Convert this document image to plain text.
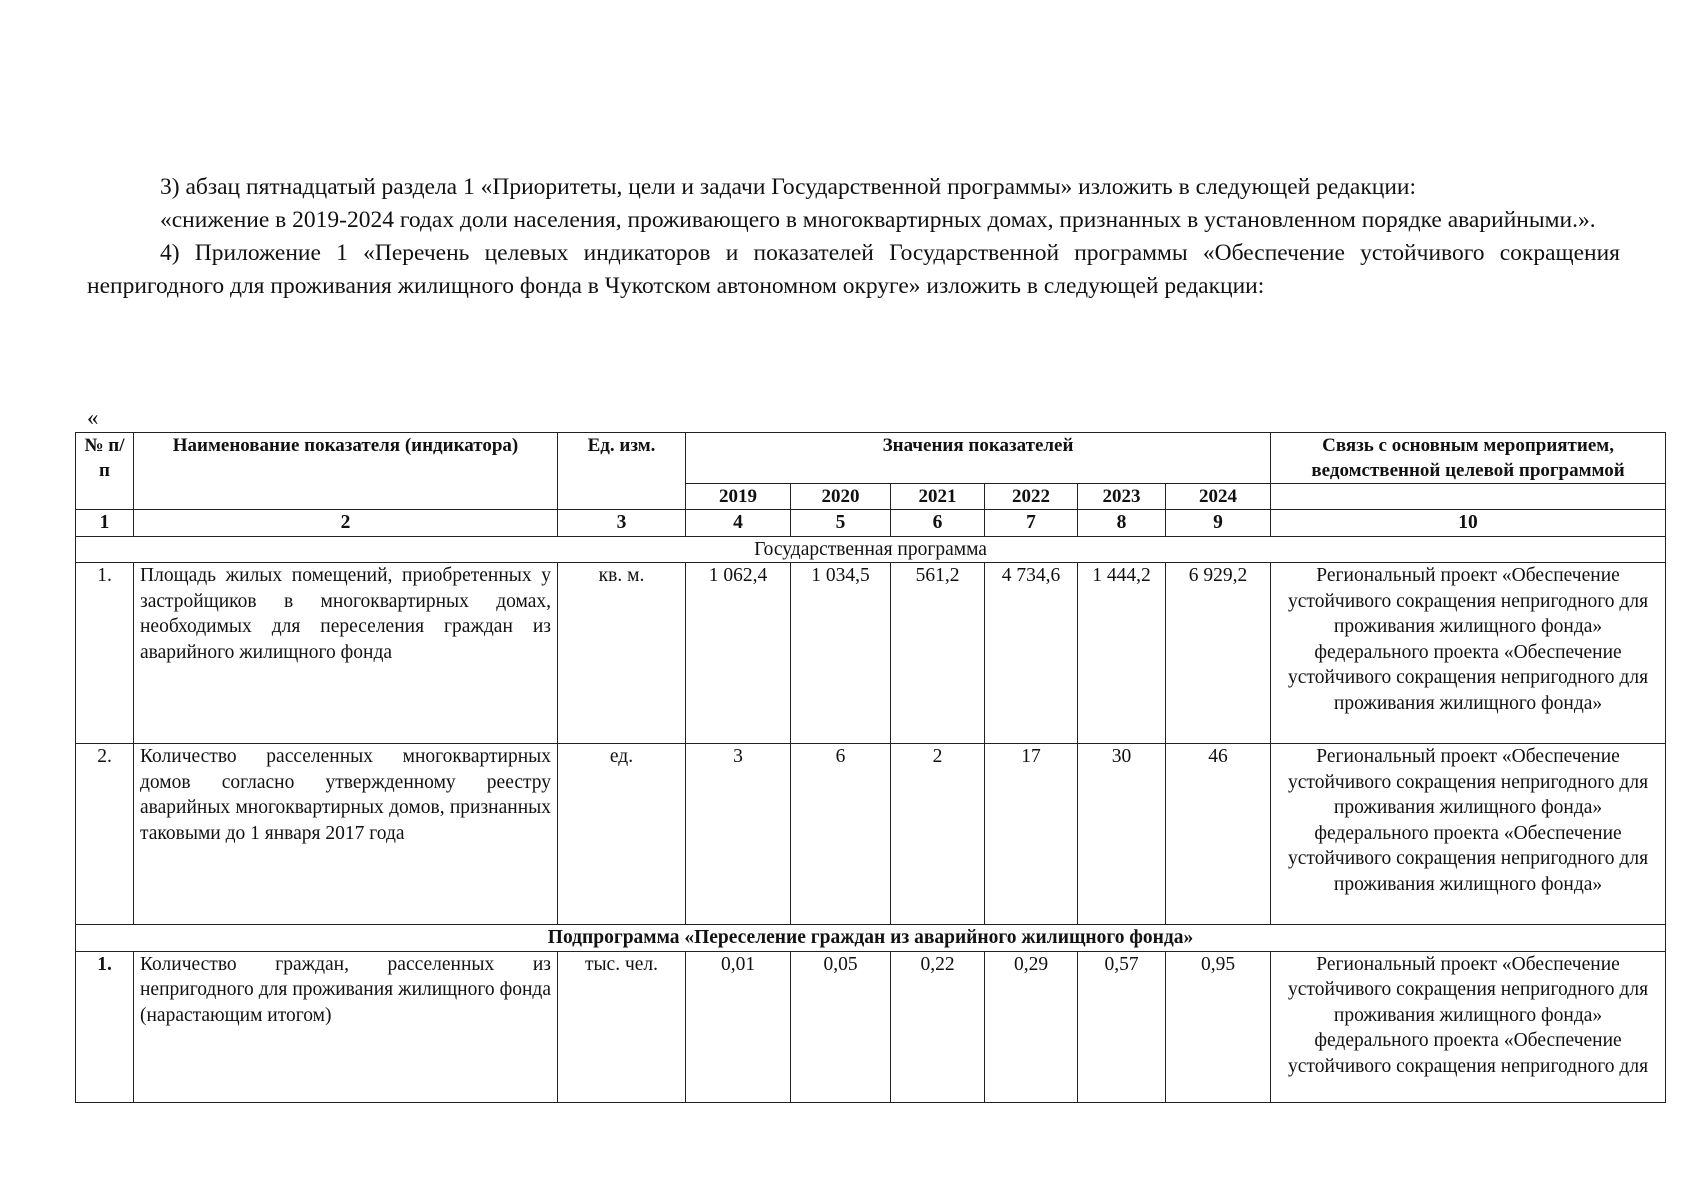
3) абзац пятнадцатый раздела 1 «Приоритеты, цели и задачи Государственной программы» изложить в следующей редакции:

«снижение в 2019-2024 годах доли населения, проживающего в многоквартирных домах, признанных в установленном порядке аварийными.».

4) Приложение 1 «Перечень целевых индикаторов и показателей Государственной программы «Обеспечение устойчивого сокращения непригодного для проживания жилищного фонда в Чукотском автономном округе» изложить в следующей редакции:

«
№ п/п	Наименование показателя (индикатора)	Ед. изм.	Значения показателей						Связь с основным мероприятием, ведомственной целевой программой
			2019	2020	2021	2022	2023	2024	
1	2	3	4	5	6	7	8	9	10
Государственная программа									
1.	Площадь жилых помещений, приобретенных у застройщиков в многоквартирных домах, необходимых для переселения граждан из аварийного жилищного фонда	кв. м.	1 062,4	1 034,5	561,2	4 734,6	1 444,2	6 929,2	Региональный проект «Обеспечение устойчивого сокращения непригодного для проживания жилищного фонда» федерального проекта «Обеспечение устойчивого сокращения непригодного для проживания жилищного фонда»
2.	Количество расселенных многоквартирных домов согласно утвержденному реестру аварийных многоквартирных домов, признанных таковыми до 1 января 2017 года	ед.	3	6	2	17	30	46	Региональный проект «Обеспечение устойчивого сокращения непригодного для проживания жилищного фонда» федерального проекта «Обеспечение устойчивого сокращения непригодного для проживания жилищного фонда»
Подпрограмма «Переселение граждан из аварийного жилищного фонда»									
1.	Количество граждан, расселенных из непригодного для проживания жилищного фонда (нарастающим итогом)	тыс. чел.	0,01	0,05	0,22	0,29	0,57	0,95	Региональный проект «Обеспечение устойчивого сокращения непригодного для проживания жилищного фонда» федерального проекта «Обеспечение устойчивого сокращения непригодного для
